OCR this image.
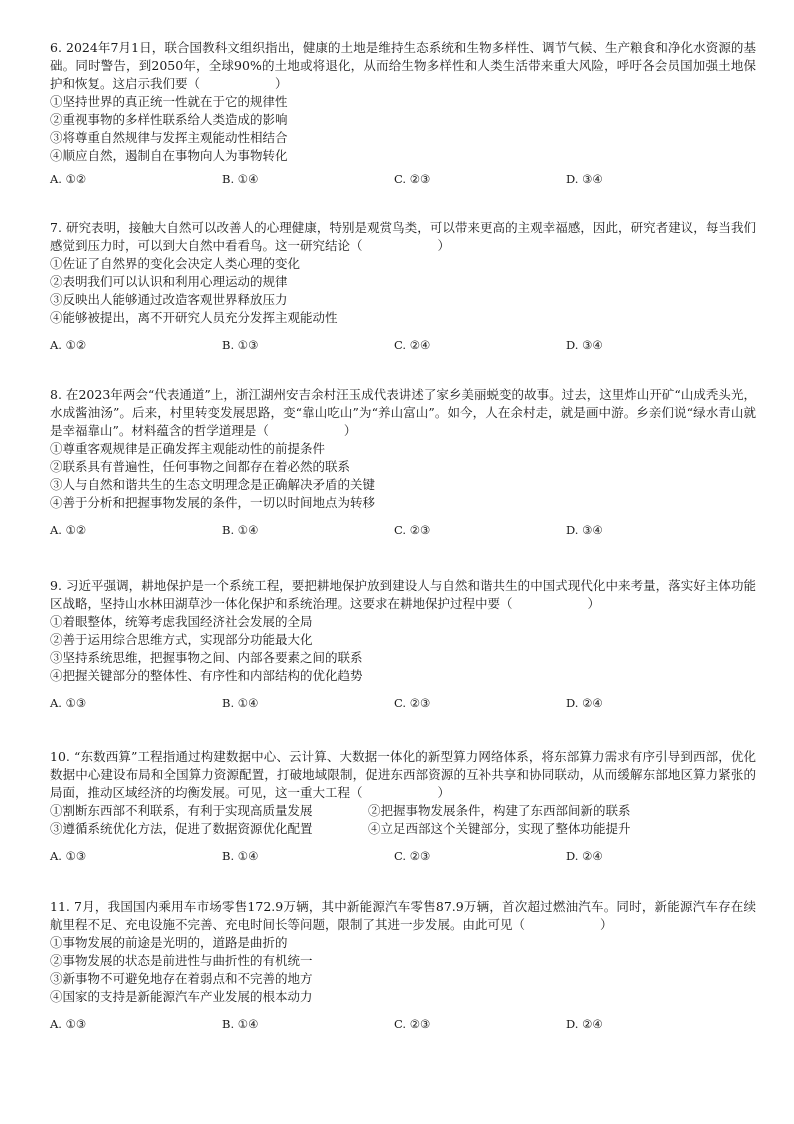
6. 2024年7月1日，联合国教科文组织指出，健康的土地是维持生态系统和生物多样性、调节气候、生产粮食和净化水资源的基础。同时警告，到2050年，全球90%的土地或将退化，从而给生物多样性和人类生活带来重大风险，呼吁各会员国加强土地保护和恢复。这启示我们要（　　　　　　）

①坚持世界的真正统一性就在于它的规律性

②重视事物的多样性联系给人类造成的影响

③将尊重自然规律与发挥主观能动性相结合

④顺应自然，遏制自在事物向人为事物转化

A. ①②	B. ①④	C. ②③	D. ③④

7. 研究表明，接触大自然可以改善人的心理健康，特别是观赏鸟类，可以带来更高的主观幸福感，因此，研究者建议，每当我们感觉到压力时，可以到大自然中看看鸟。这一研究结论（　　　　　　）

①佐证了自然界的变化会决定人类心理的变化

②表明我们可以认识和利用心理运动的规律

③反映出人能够通过改造客观世界释放压力

④能够被提出，离不开研究人员充分发挥主观能动性

A. ①②	B. ①③	C. ②④	D. ③④

8. 在2023年两会“代表通道”上，浙江湖州安吉余村汪玉成代表讲述了家乡美丽蜕变的故事。过去，这里炸山开矿“山成秃头光，水成酱油汤”。后来，村里转变发展思路，变“靠山吃山”为“养山富山”。如今，人在余村走，就是画中游。乡亲们说“绿水青山就是幸福靠山”。材料蕴含的哲学道理是（　　　　　　）

①尊重客观规律是正确发挥主观能动性的前提条件

②联系具有普遍性，任何事物之间都存在着必然的联系

③人与自然和谐共生的生态文明理念是正确解决矛盾的关键

④善于分析和把握事物发展的条件，一切以时间地点为转移

A. ①②	B. ①④	C. ②③	D. ③④

9. 习近平强调，耕地保护是一个系统工程，要把耕地保护放到建设人与自然和谐共生的中国式现代化中来考量，落实好主体功能区战略，坚持山水林田湖草沙一体化保护和系统治理。这要求在耕地保护过程中要（　　　　　　）

①着眼整体，统筹考虑我国经济社会发展的全局

②善于运用综合思维方式，实现部分功能最大化

③坚持系统思维，把握事物之间、内部各要素之间的联系

④把握关键部分的整体性、有序性和内部结构的优化趋势

A. ①③	B. ①④	C. ②③	D. ②④

10. “东数西算”工程指通过构建数据中心、云计算、大数据一体化的新型算力网络体系，将东部算力需求有序引导到西部，优化数据中心建设布局和全国算力资源配置，打破地域限制，促进东西部资源的互补共享和协同联动，从而缓解东部地区算力紧张的局面，推动区域经济的均衡发展。可见，这一重大工程（　　　　　　）

①割断东西部不利联系，有利于实现高质量发展	②把握事物发展条件，构建了东西部间新的联系

③遵循系统优化方法，促进了数据资源优化配置	④立足西部这个关键部分，实现了整体功能提升

A. ①③	B. ①④	C. ②③	D. ②④

11. 7月，我国国内乘用车市场零售172.9万辆，其中新能源汽车零售87.9万辆，首次超过燃油汽车。同时，新能源汽车存在续航里程不足、充电设施不完善、充电时间长等问题，限制了其进一步发展。由此可见（　　　　　　）

①事物发展的前途是光明的，道路是曲折的

②事物发展的状态是前进性与曲折性的有机统一

③新事物不可避免地存在着弱点和不完善的地方

④国家的支持是新能源汽车产业发展的根本动力

A. ①③	B. ①④	C. ②③	D. ②④
